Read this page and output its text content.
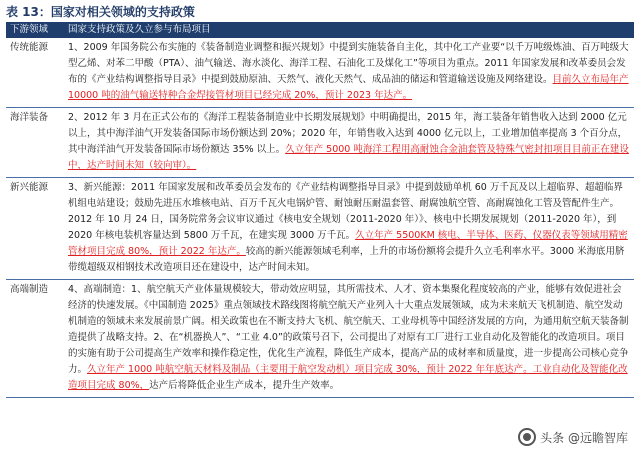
表 13：国家对相关领域的支持政策
下游领域	国家支持政策及久立参与布局项目
传统能源	1、2009 年国务院公布实施的《装备制造业调整和振兴规划》中提到实施装备自主化，其中化工产业要“以千万吨级炼油、百万吨级大型乙烯、对苯二甲酸（PTA）、油气输送、海水淡化、海洋工程、石油化工及煤化工”等项目为重点。2011 年国家发展和改革委员会发布的《产业结构调整指导目录》中提到鼓励原油、天然气、液化天然气、成品油的储运和管道输送设施及网络建设。目前久立布局年产 10000 吨的油气输送特种合金焊接管材项目已经完成 20%，预计 2023 年达产。
海洋装备	2、2012 年 3 月在正式公布的《海洋工程装备制造业中长期发展规划》中明确提出，2015 年，海工装备年销售收入达到 2000 亿元以上，其中海洋油气开发装备国际市场份额达到 20%；2020 年，年销售收入达到 4000 亿元以上，工业增加值率提高 3 个百分点，其中海洋油气开发装备国际市场份额达 35% 以上。久立年产 5000 吨海洋工程用高耐蚀合金油套管及特殊气密封扣项目目前正在建设中，达产时间未知（较向审）。
新兴能源	3、新兴能源：2011 年国家发展和改革委员会发布的《产业结构调整指导目录》中提到鼓励单机 60 万千瓦及以上超临界、超超临界机组电站建设；鼓励先进压水堆核电站、百万千瓦火电锅炉管、耐蚀耐压耐温套管、耐腐蚀航空管、高耐腐蚀化工管及管配件生产。2012 年 10 月 24 日，国务院常务会议审议通过《核电安全规划（2011-2020 年）》、核电中长期发展规划（2011-2020 年），到 2020 年核电装机容量达到 5800 万千瓦，在建实现 3000 万千瓦。久立年产 5500KM 核电、半导体、医药、仪器仪表等领域用精密管材项目完成 80%，预计 2022 年达产。较高的新兴能源领域毛利率，上升的市场份额将会提升久立毛利率水平。3000 米海底用脐带缆超级双相钢技术改造项目还在建设中，达产时间未知。
高端制造	4、高端制造：1、航空航天产业体量规模较大，带动效应明显，其所需技术、人才、资本集聚化程度较高的产业，能够有效促进社会经济的快速发展。《中国制造 2025》重点领域技术路线图将航空航天产业列入十大重点发展领域，成为未来航天飞机制造、航空发动机制造的领域未来发展前景广阔。相关政策也在不断支持大飞机、航空航天、工业母机等中国经济发展的方向，为通用航空航天装备制造提供了战略支持。2、在“机器换人”、“工业 4.0”的政策号召下，公司提出了对原有工厂进行工业自动化及智能化的改造项目。项目的实施有助于公司提高生产效率和操作稳定性，优化生产流程，降低生产成本，提高产品的成材率和质量度，进一步提高公司核心竞争力。久立年产 1000 吨航空航天材料及制品（主要用于航空发动机）项目完成 30%，预计 2022 年年底达产。工业自动化及智能化改造项目完成 80%，达产后将降低企业生产成本，提升生产效率。
头条 @远瞻智库
